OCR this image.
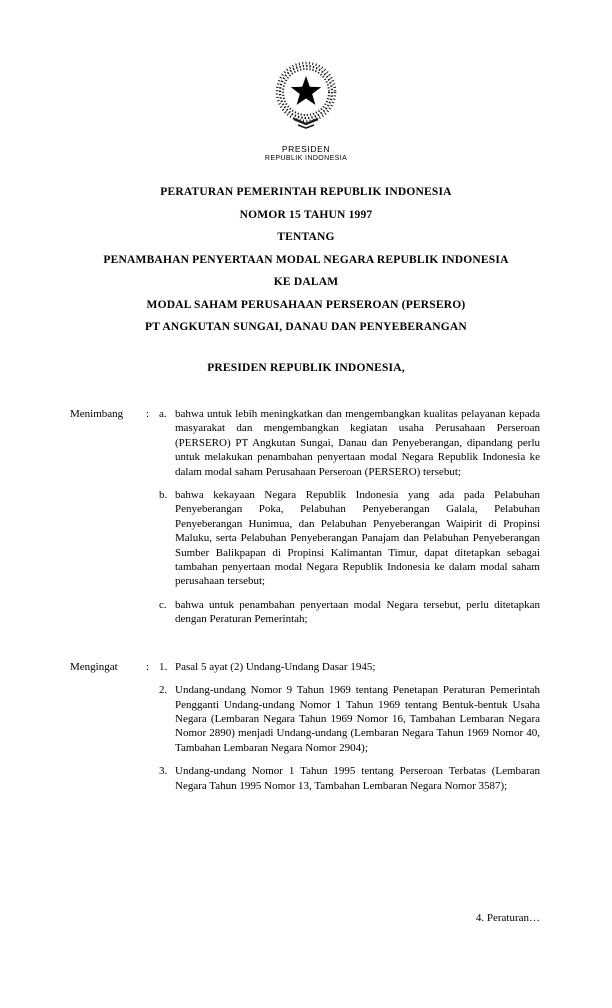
PRESIDEN
REPUBLIK INDONESIA
PERATURAN PEMERINTAH REPUBLIK INDONESIA
NOMOR 15 TAHUN 1997
TENTANG
PENAMBAHAN PENYERTAAN MODAL NEGARA REPUBLIK INDONESIA
KE DALAM
MODAL SAHAM PERUSAHAAN PERSEROAN (PERSERO)
PT ANGKUTAN SUNGAI, DANAU DAN PENYEBERANGAN
PRESIDEN REPUBLIK INDONESIA,
Menimbang	: a. bahwa untuk lebih meningkatkan dan mengembangkan kualitas pelayanan kepada masyarakat dan mengembangkan kegiatan usaha Perusahaan Perseroan (PERSERO) PT Angkutan Sungai, Danau dan Penyeberangan, dipandang perlu untuk melakukan penambahan penyertaan modal Negara Republik Indonesia ke dalam modal saham Perusahaan Perseroan (PERSERO) tersebut;
b. bahwa kekayaan Negara Republik Indonesia yang ada pada Pelabuhan Penyeberangan Poka, Pelabuhan Penyeberangan Galala, Pelabuhan Penyeberangan Hunimua, dan Pelabuhan Penyeberangan Waipirit di Propinsi Maluku, serta Pelabuhan Penyeberangan Panajam dan Pelabuhan Penyeberangan Sumber Balikpapan di Propinsi Kalimantan Timur, dapat ditetapkan sebagai tambahan penyertaan modal Negara Republik Indonesia ke dalam modal saham perusahaan tersebut;
c. bahwa untuk penambahan penyertaan modal Negara tersebut, perlu ditetapkan dengan Peraturan Pemerintah;
Mengingat	: 1. Pasal 5 ayat (2) Undang-Undang Dasar 1945;
2. Undang-undang Nomor 9 Tahun 1969 tentang Penetapan Peraturan Pemerintah Pengganti Undang-undang Nomor 1 Tahun 1969 tentang Bentuk-bentuk Usaha Negara (Lembaran Negara Tahun 1969 Nomor 16, Tambahan Lembaran Negara Nomor 2890) menjadi Undang-undang (Lembaran Negara Tahun 1969 Nomor 40, Tambahan Lembaran Negara Nomor 2904);
3. Undang-undang Nomor 1 Tahun 1995 tentang Perseroan Terbatas (Lembaran Negara Tahun 1995 Nomor 13, Tambahan Lembaran Negara Nomor 3587);
4. Peraturan…
